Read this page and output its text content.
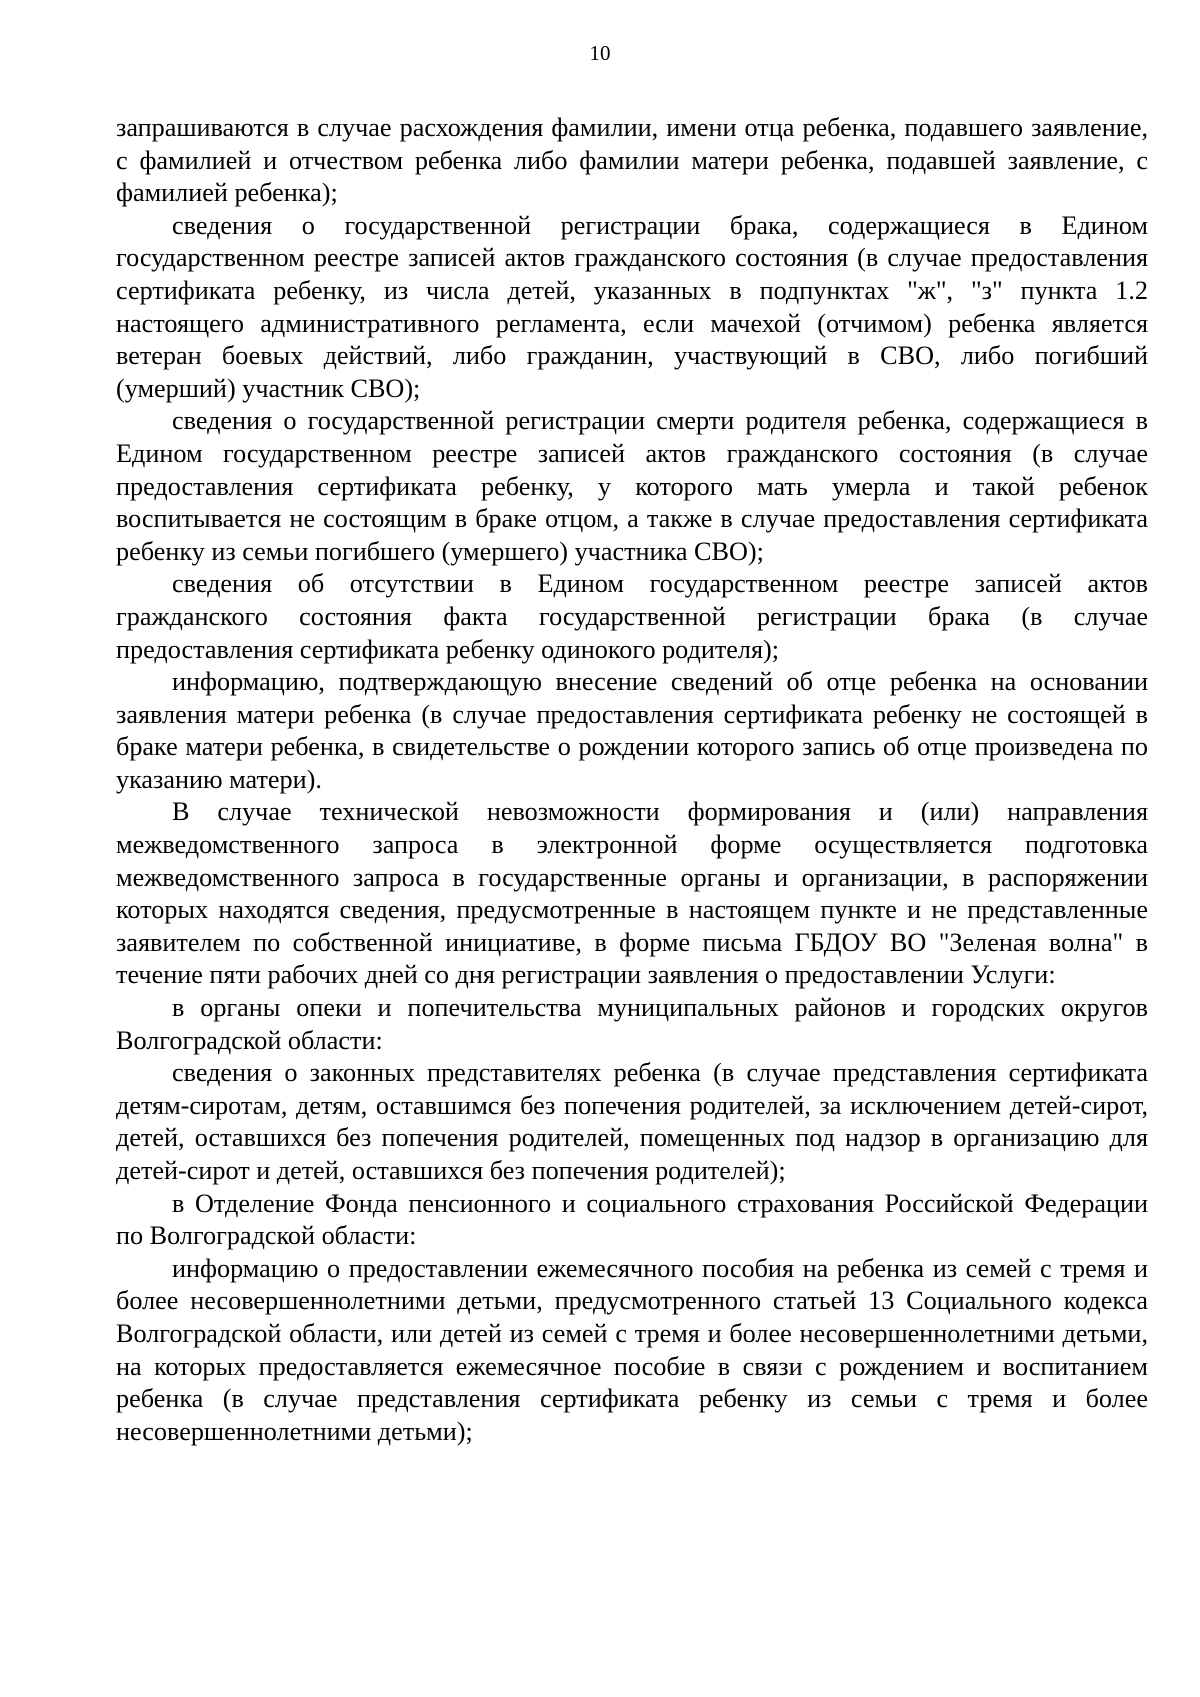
10

запрашиваются в случае расхождения фамилии, имени отца ребенка, подавшего заявление, с фамилией и отчеством ребенка либо фамилии матери ребенка, подавшей заявление, с фамилией ребенка);

сведения о государственной регистрации брака, содержащиеся в Едином государственном реестре записей актов гражданского состояния (в случае предоставления сертификата ребенку, из числа детей, указанных в подпунктах "ж", "з" пункта 1.2 настоящего административного регламента, если мачехой (отчимом) ребенка является ветеран боевых действий, либо гражданин, участвующий в СВО, либо погибший (умерший) участник СВО);

сведения о государственной регистрации смерти родителя ребенка, содержащиеся в Едином государственном реестре записей актов гражданского состояния (в случае предоставления сертификата ребенку, у которого мать умерла и такой ребенок воспитывается не состоящим в браке отцом, а также в случае предоставления сертификата ребенку из семьи погибшего (умершего) участника СВО);

сведения об отсутствии в Едином государственном реестре записей актов гражданского состояния факта государственной регистрации брака (в случае предоставления сертификата ребенку одинокого родителя);

информацию, подтверждающую внесение сведений об отце ребенка на основании заявления матери ребенка (в случае предоставления сертификата ребенку не состоящей в браке матери ребенка, в свидетельстве о рождении которого запись об отце произведена по указанию матери).

В случае технической невозможности формирования и (или) направления межведомственного запроса в электронной форме осуществляется подготовка межведомственного запроса в государственные органы и организации, в распоряжении которых находятся сведения, предусмотренные в настоящем пункте и не представленные заявителем по собственной инициативе, в форме письма ГБДОУ ВО "Зеленая волна" в течение пяти рабочих дней со дня регистрации заявления о предоставлении Услуги:

в органы опеки и попечительства муниципальных районов и городских округов Волгоградской области:

сведения о законных представителях ребенка (в случае представления сертификата детям-сиротам, детям, оставшимся без попечения родителей, за исключением детей-сирот, детей, оставшихся без попечения родителей, помещенных под надзор в организацию для детей-сирот и детей, оставшихся без попечения родителей);

в Отделение Фонда пенсионного и социального страхования Российской Федерации по Волгоградской области:

информацию о предоставлении ежемесячного пособия на ребенка из семей с тремя и более несовершеннолетними детьми, предусмотренного статьей 13 Социального кодекса Волгоградской области, или детей из семей с тремя и более несовершеннолетними детьми, на которых предоставляется ежемесячное пособие в связи с рождением и воспитанием ребенка (в случае представления сертификата ребенку из семьи с тремя и более несовершеннолетними детьми);
